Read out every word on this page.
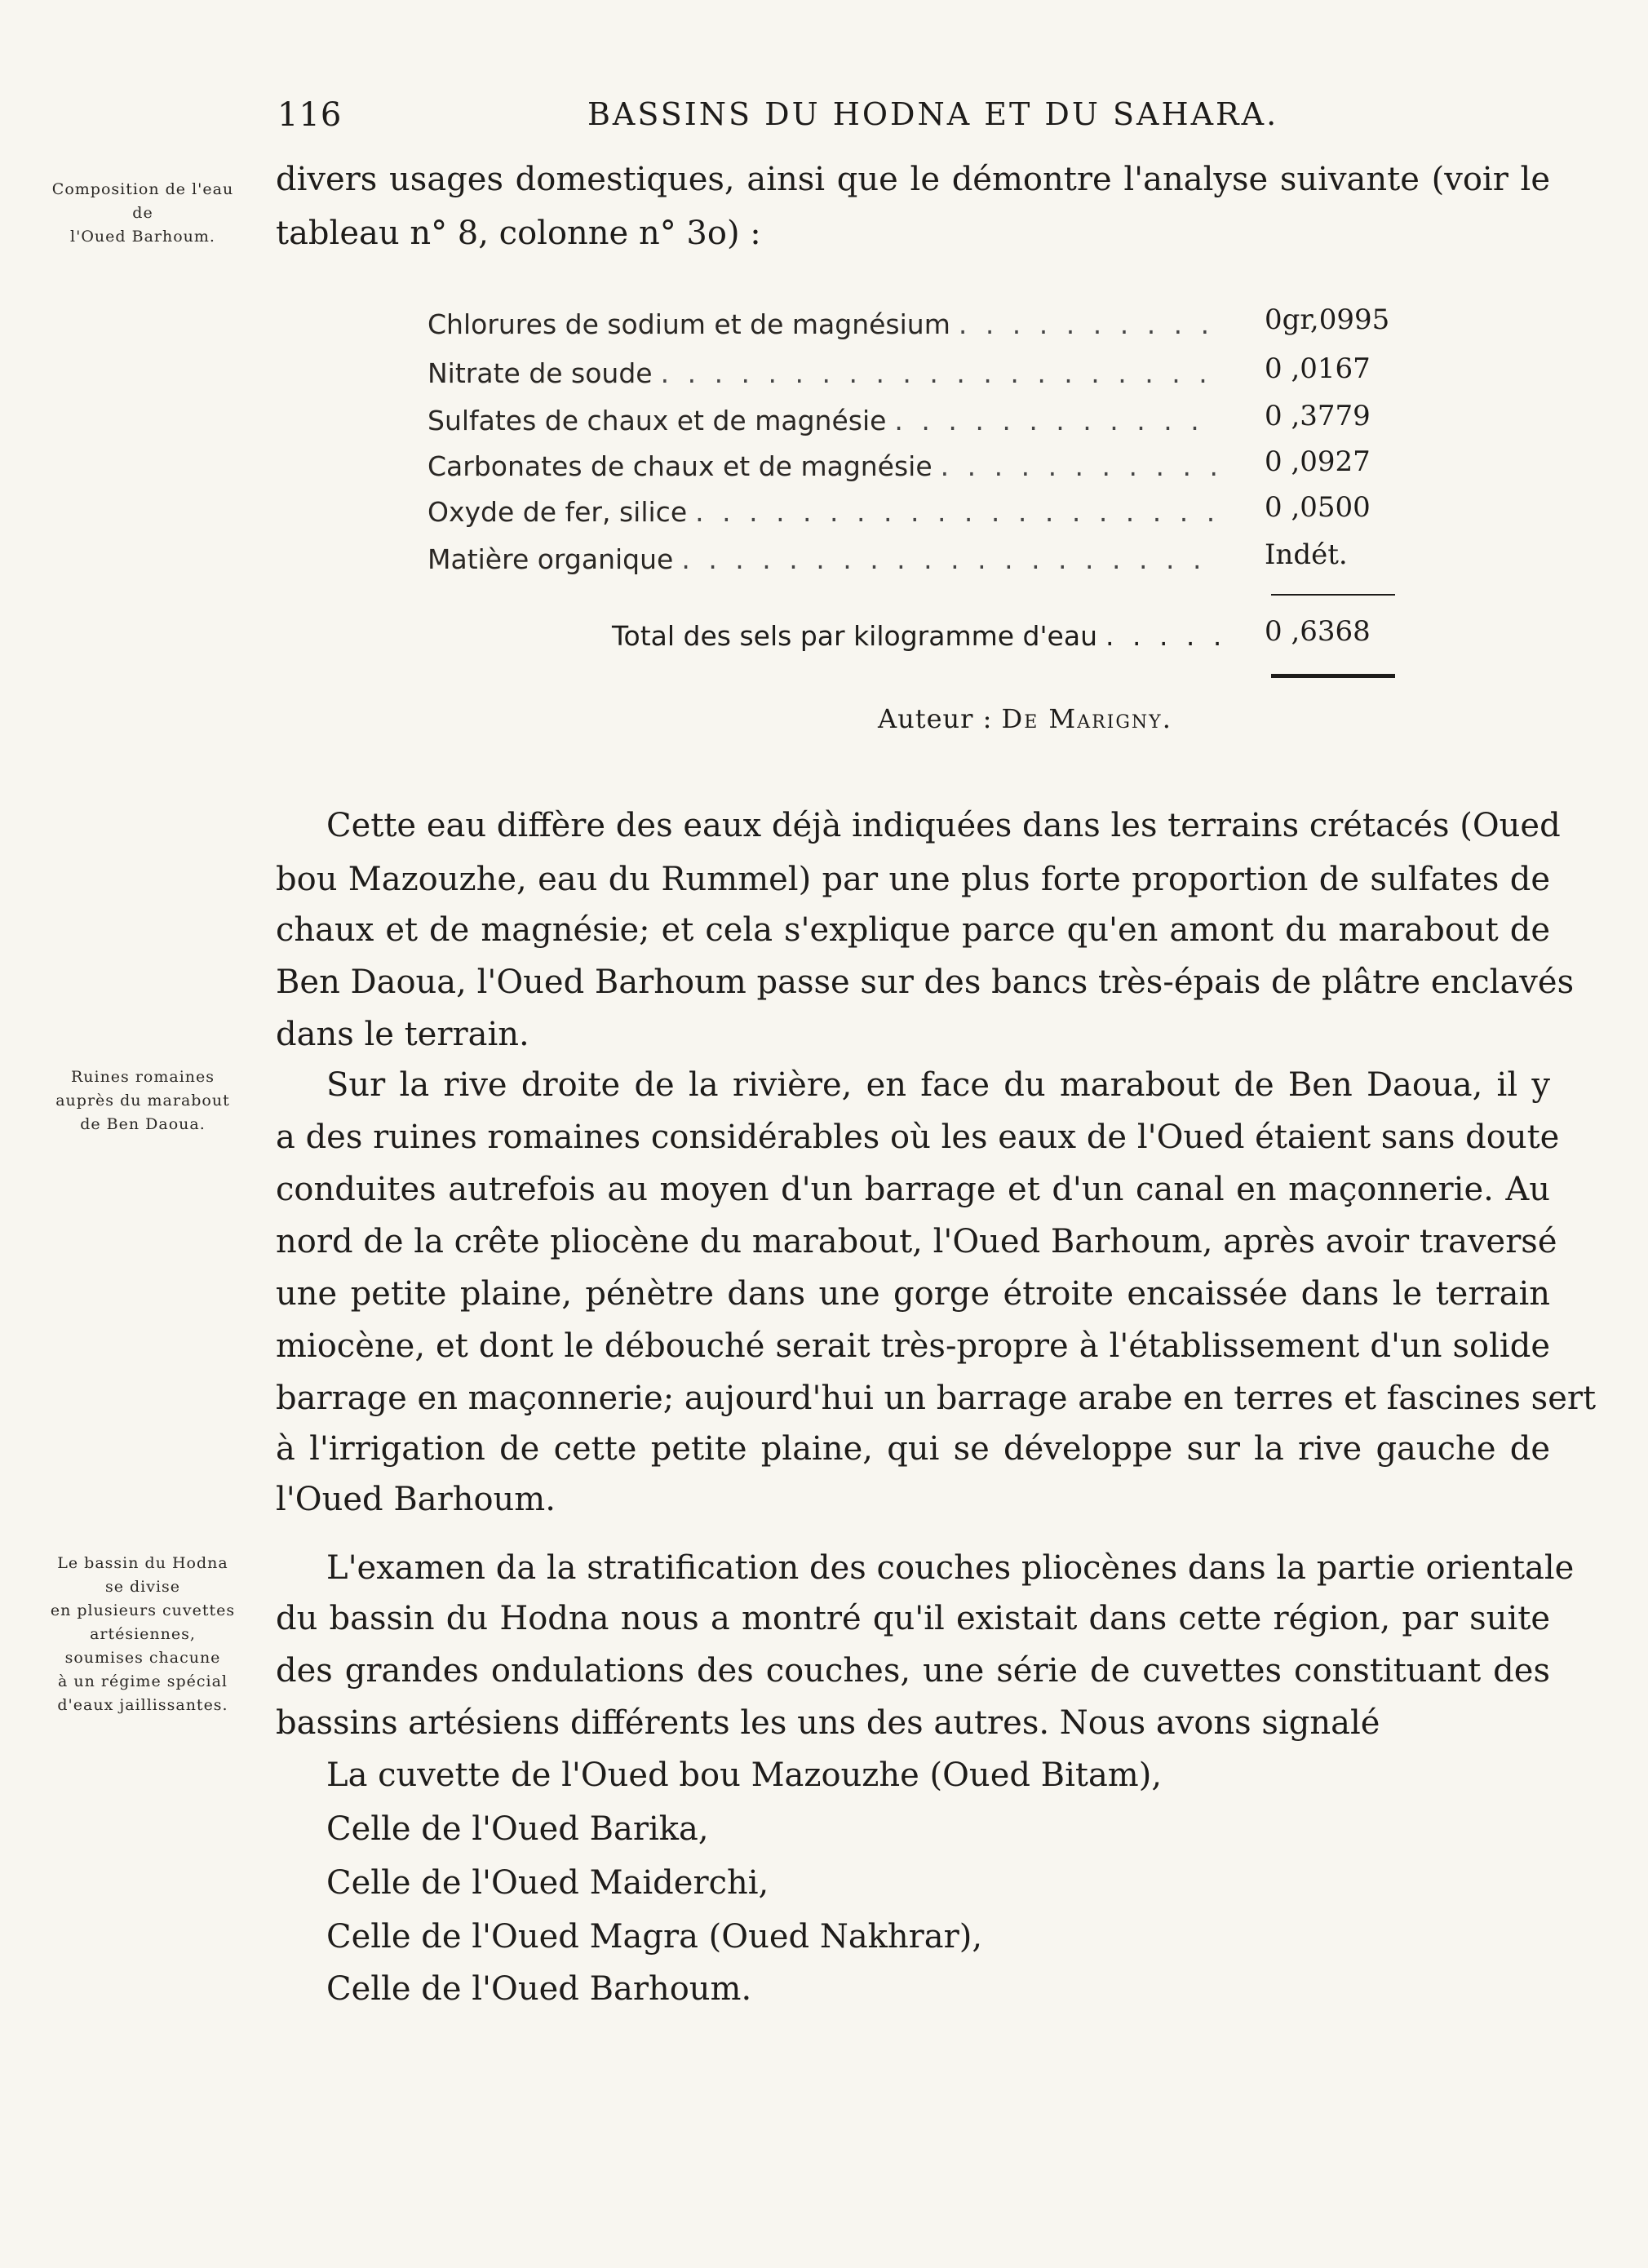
116	BASSINS DU HODNA ET DU SAHARA.
Composition de l'eau
de
l'Oued Barhoum.
Ruines romaines
auprès du marabout
de Ben Daoua.
Le bassin du Hodna
se divise
en plusieurs cuvettes
artésiennes,
soumises chacune
à un régime spécial
d'eaux jaillissantes.
divers usages domestiques, ainsi que le démontre l'analyse suivante (voir le
tableau n° 8, colonne n° 3o) :
Chlorures de sodium et de magnésium . . .	0gr,0995
Nitrate de soude . . .	0 ,0167
Sulfates de chaux et de magnésie . . .	0 ,3779
Carbonates de chaux et de magnésie . . .	0 ,0927
Oxyde de fer, silice . . .	0 ,0500
Matière organique . . .	Indét.
Total des sels par kilogramme d'eau . . .	0 ,6368
Auteur : De Marigny.
Cette eau diffère des eaux déjà indiquées dans les terrains crétacés (Oued
bou Mazouzhe, eau du Rummel) par une plus forte proportion de sulfates de
chaux et de magnésie; et cela s'explique parce qu'en amont du marabout de
Ben Daoua, l'Oued Barhoum passe sur des bancs très-épais de plâtre enclavés
dans le terrain.
Sur la rive droite de la rivière, en face du marabout de Ben Daoua, il y
a des ruines romaines considérables où les eaux de l'Oued étaient sans doute
conduites autrefois au moyen d'un barrage et d'un canal en maçonnerie. Au
nord de la crête pliocène du marabout, l'Oued Barhoum, après avoir traversé
une petite plaine, pénètre dans une gorge étroite encaissée dans le terrain
miocène, et dont le débouché serait très-propre à l'établissement d'un solide
barrage en maçonnerie; aujourd'hui un barrage arabe en terres et fascines sert
à l'irrigation de cette petite plaine, qui se développe sur la rive gauche de
l'Oued Barhoum.
L'examen da la stratification des couches pliocènes dans la partie orientale
du bassin du Hodna nous a montré qu'il existait dans cette région, par suite
des grandes ondulations des couches, une série de cuvettes constituant des
bassins artésiens différents les uns des autres. Nous avons signalé
La cuvette de l'Oued bou Mazouzhe (Oued Bitam),
Celle de l'Oued Barika,
Celle de l'Oued Maiderchi,
Celle de l'Oued Magra (Oued Nakhrar),
Celle de l'Oued Barhoum.
